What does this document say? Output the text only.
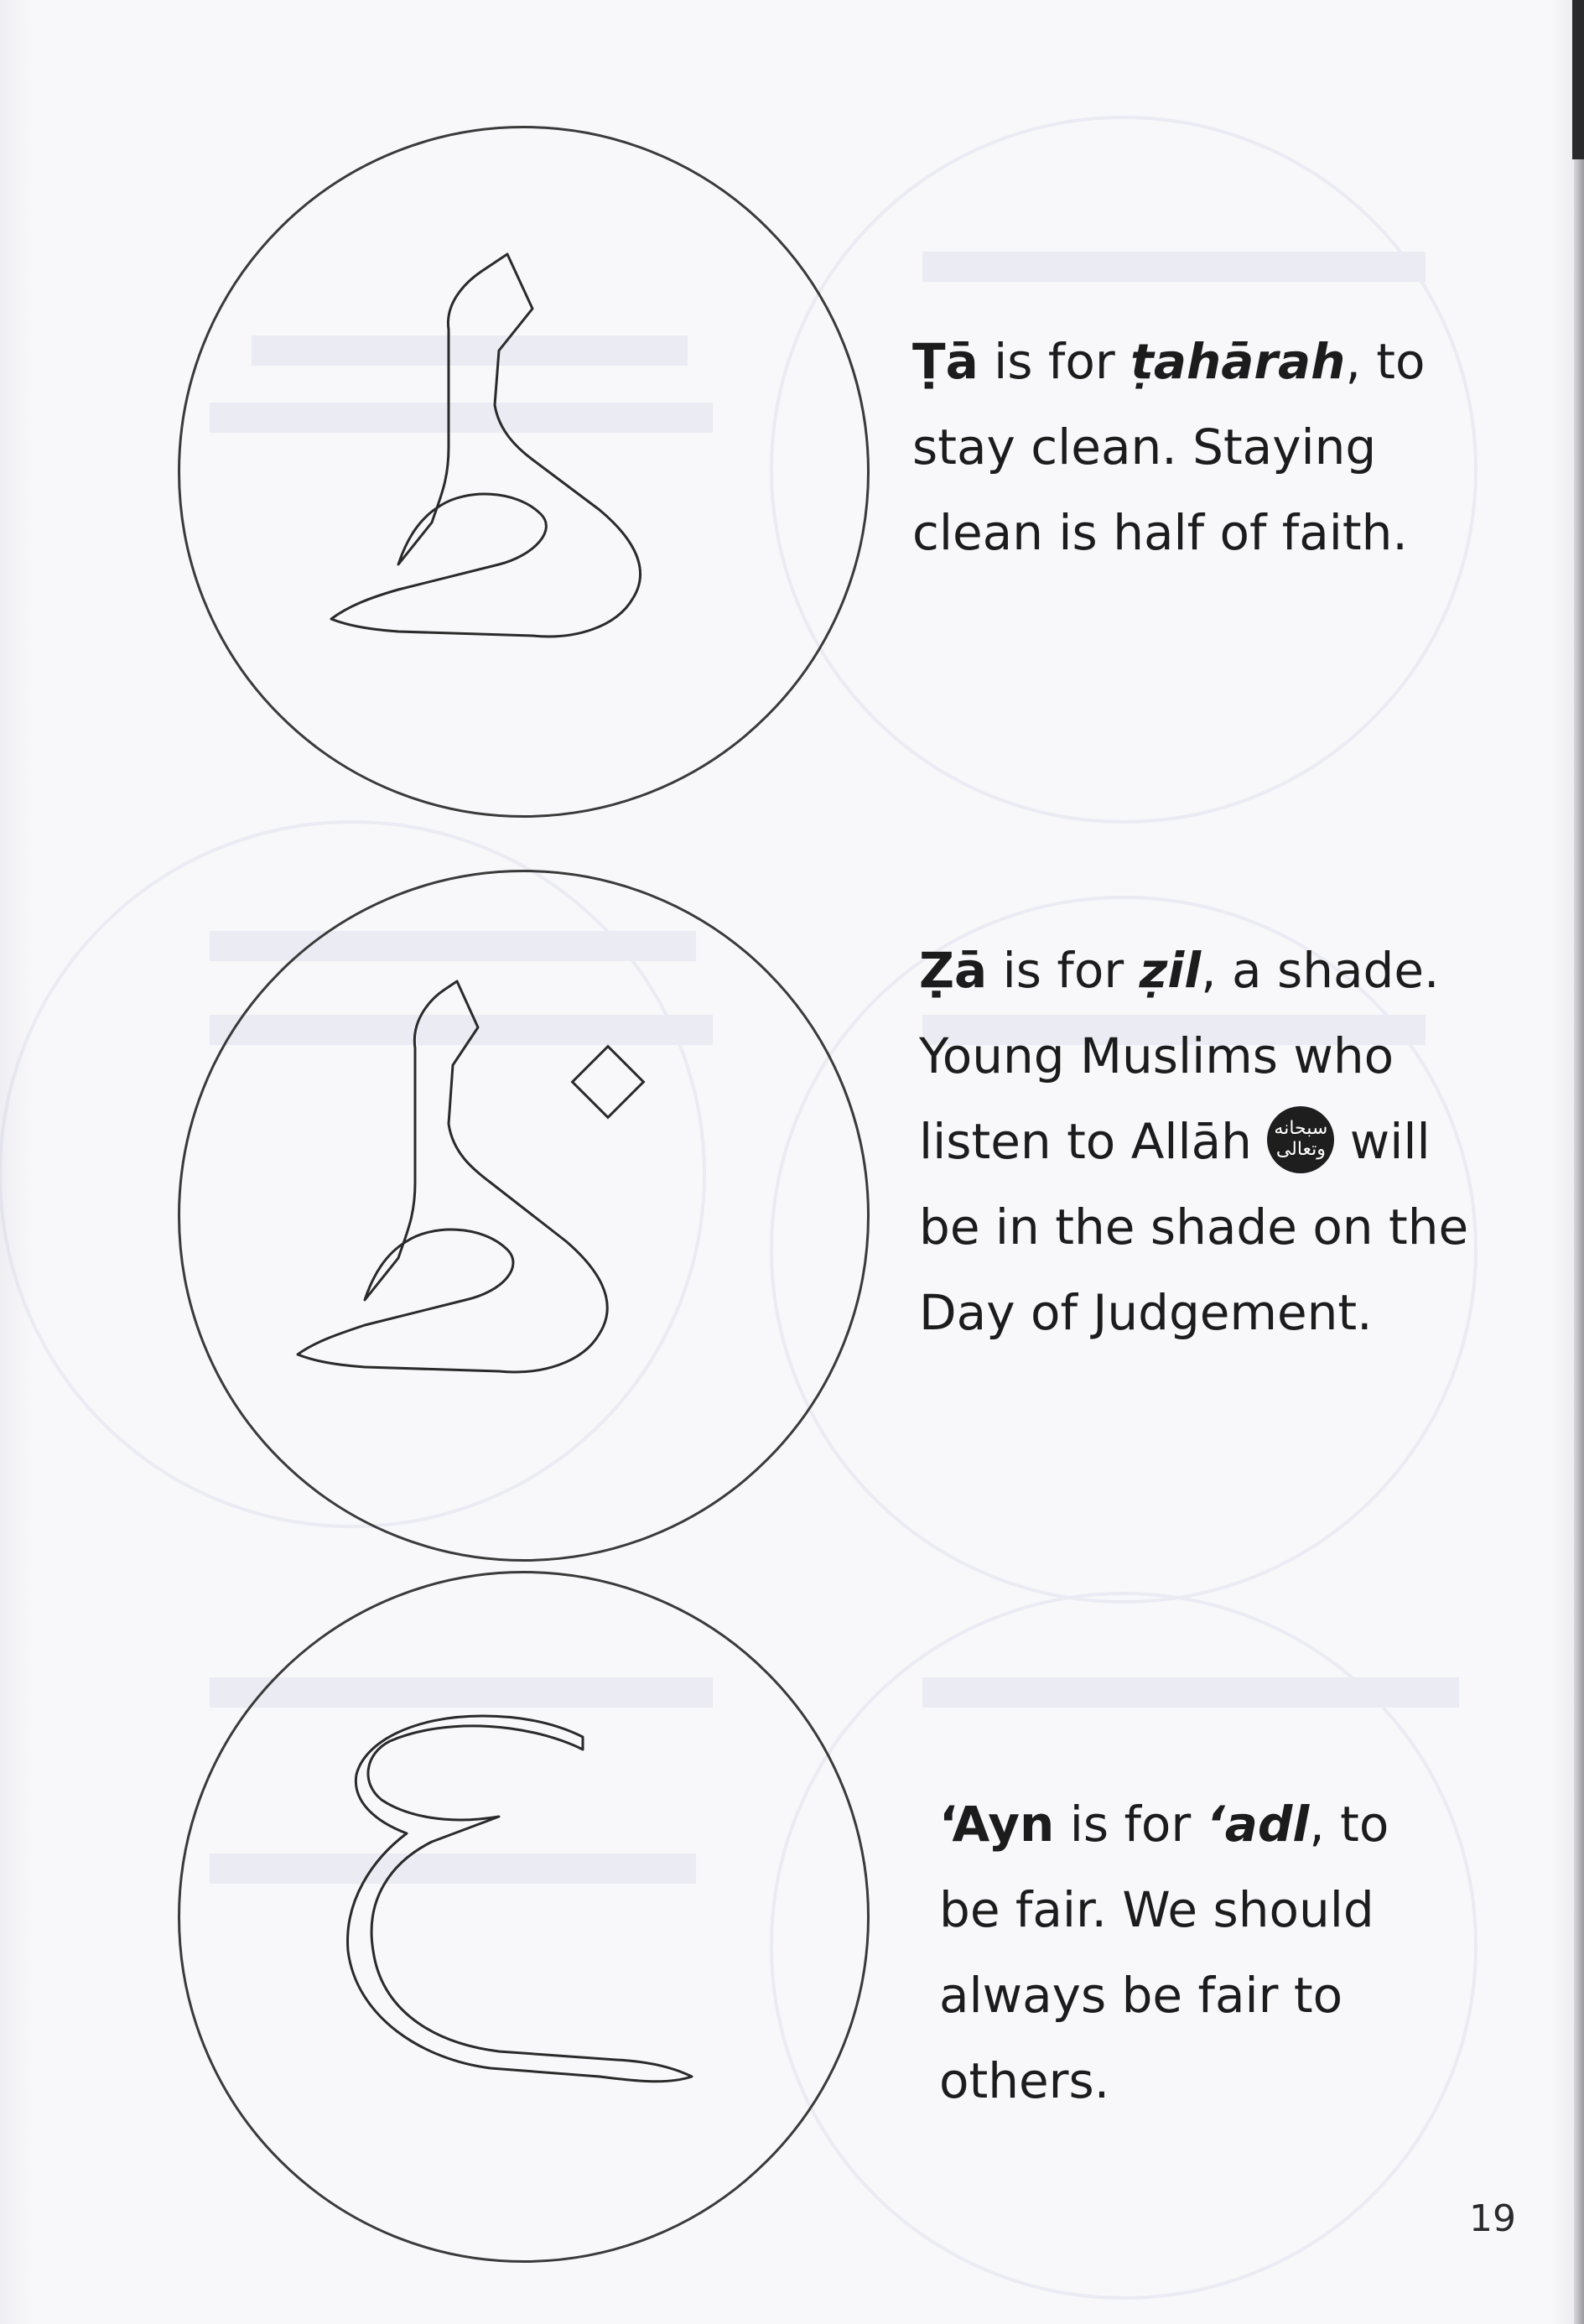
Ṭā is for ṭahārah, to
stay clean. Staying
clean is half of faith.
Ẓā is for ẓil, a shade.
Young Muslims who
listen to Allāh سبحانه
وتعالى will
be in the shade on the
Day of Judgement.
‘Ayn is for ‘adl, to
be fair. We should
always be fair to
others.
19
